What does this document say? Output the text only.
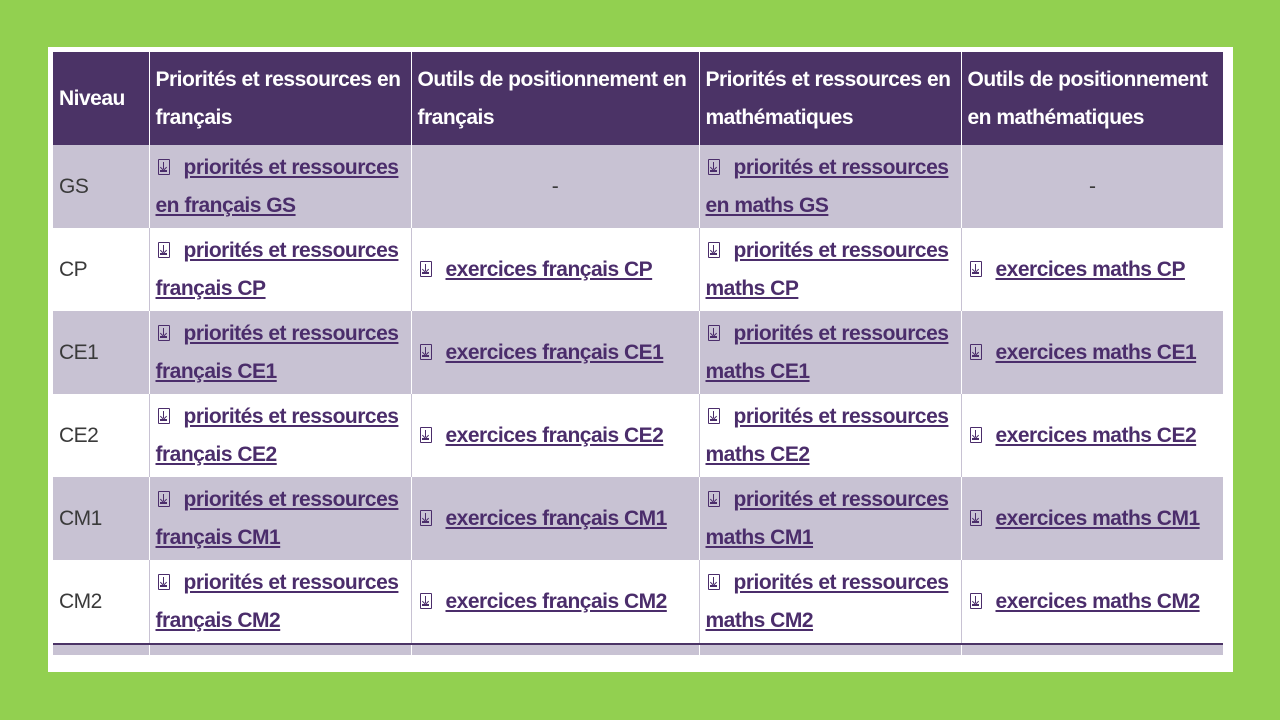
Niveau	Priorités et ressources en français	Outils de positionnement en français	Priorités et ressources en mathématiques	Outils de positionnement en mathématiques
GS	priorités et ressources en français GS	-	priorités et ressources en maths GS	-
CP	priorités et ressources français CP	exercices français CP	priorités et ressources maths CP	exercices maths CP
CE1	priorités et ressources français CE1	exercices français CE1	priorités et ressources maths CE1	exercices maths CE1
CE2	priorités et ressources français CE2	exercices français CE2	priorités et ressources maths CE2	exercices maths CE2
CM1	priorités et ressources français CM1	exercices français CM1	priorités et ressources maths CM1	exercices maths CM1
CM2	priorités et ressources français CM2	exercices français CM2	priorités et ressources maths CM2	exercices maths CM2
